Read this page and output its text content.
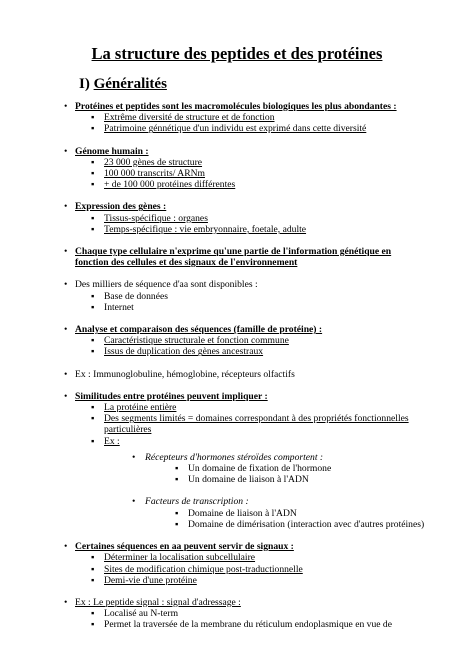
La structure des peptides et des protéines
I) Généralités
• Protéines et peptides sont les macromolécules biologiques les plus abondantes :
▪ Extrême diversité de structure et de fonction
▪ Patrimoine génnétique d'un individu est exprimé dans cette diversité
• Génome humain :
▪ 23 000 gènes de structure
▪ 100 000 transcrits/ ARNm
▪ + de 100 000 protéines différentes
• Expression des gènes :
▪ Tissus-spécifique : organes
▪ Temps-spécifique : vie embryonnaire, foetale, adulte
• Chaque type cellulaire n'exprime qu'une partie de l'information génétique en fonction des cellules et des signaux de l'environnement
• Des milliers de séquence d'aa sont disponibles :
▪ Base de données
▪ Internet
• Analyse et comparaison des séquences (famille de protéine) :
▪ Caractéristique structurale et fonction commune
▪ Issus de duplication des gènes ancestraux
• Ex : Immunoglobuline, hémoglobine, récepteurs olfactifs
• Similitudes entre protéines peuvent impliquer :
▪ La protéine entière
▪ Des segments limités = domaines correspondant à des propriétés fonctionnelles particulières
▪ Ex :
•	Récepteurs d'hormones stéroïdes comportent :
▪ Un domaine de fixation de l'hormone
▪ Un domaine de liaison à l'ADN
•	Facteurs de transcription :
▪ Domaine de liaison à l'ADN
▪ Domaine de dimérisation (interaction avec d'autres protéines)
• Certaines séquences en aa peuvent servir de signaux :
▪ Déterminer la localisation subcellulaire
▪ Sites de modification chimique post-traductionnelle
▪ Demi-vie d'une protéine
• Ex : Le peptide signal : signal d'adressage :
▪ Localisé au N-term
▪ Permet la traversée de la membrane du réticulum endoplasmique en vue de
